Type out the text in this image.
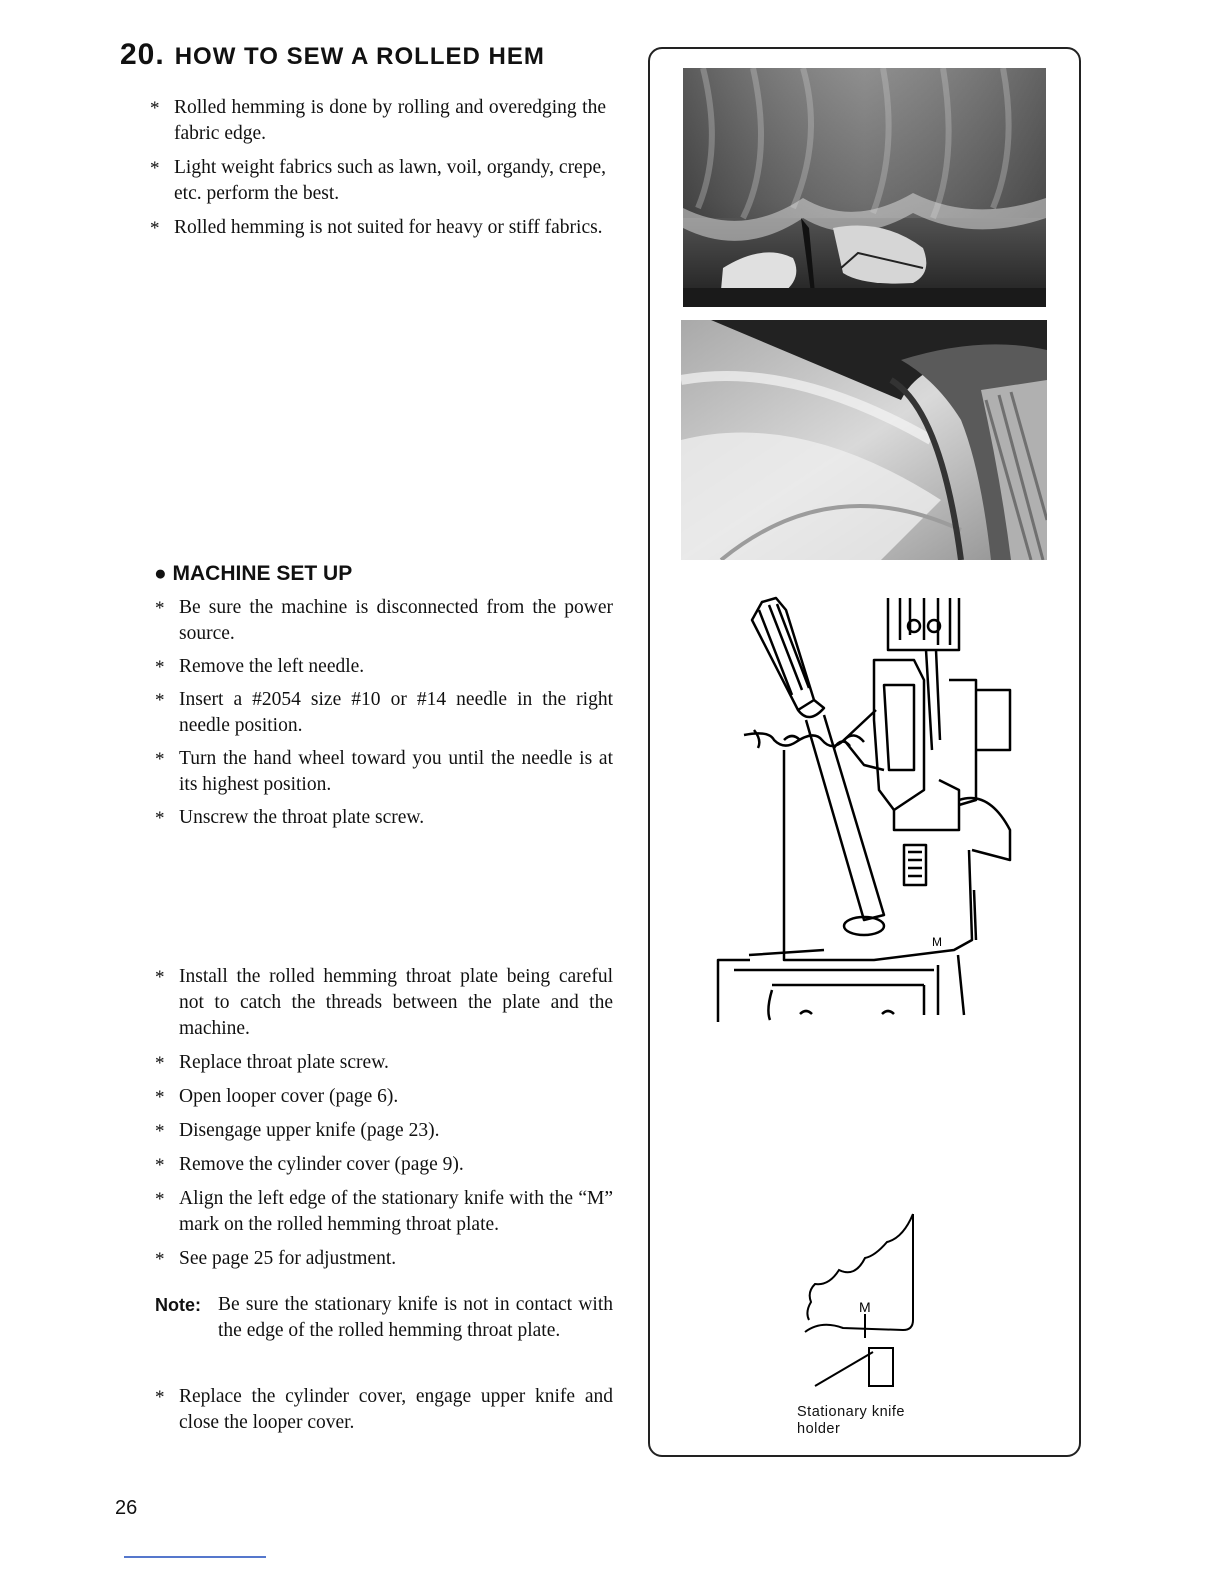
20. HOW TO SEW A ROLLED HEM
* Rolled hemming is done by rolling and overedging the fabric edge.
* Light weight fabrics such as lawn, voil, organdy, crepe, etc. perform the best.
* Rolled hemming is not suited for heavy or stiff fabrics.
● MACHINE SET UP
* Be sure the machine is disconnected from the power source.
* Remove the left needle.
* Insert a #2054 size #10 or #14 needle in the right needle position.
* Turn the hand wheel toward you until the needle is at its highest position.
* Unscrew the throat plate screw.
* Install the rolled hemming throat plate being careful not to catch the threads between the plate and the machine.
* Replace throat plate screw.
* Open looper cover (page 6).
* Disengage upper knife (page 23).
* Remove the cylinder cover (page 9).
* Align the left edge of the stationary knife with the “M” mark on the rolled hemming throat plate.
* See page 25 for adjustment.
Note: Be sure the stationary knife is not in contact with the edge of the rolled hemming throat plate.
* Replace the cylinder cover, engage upper knife and close the looper cover.
26
M
M
Stationary knife
holder
